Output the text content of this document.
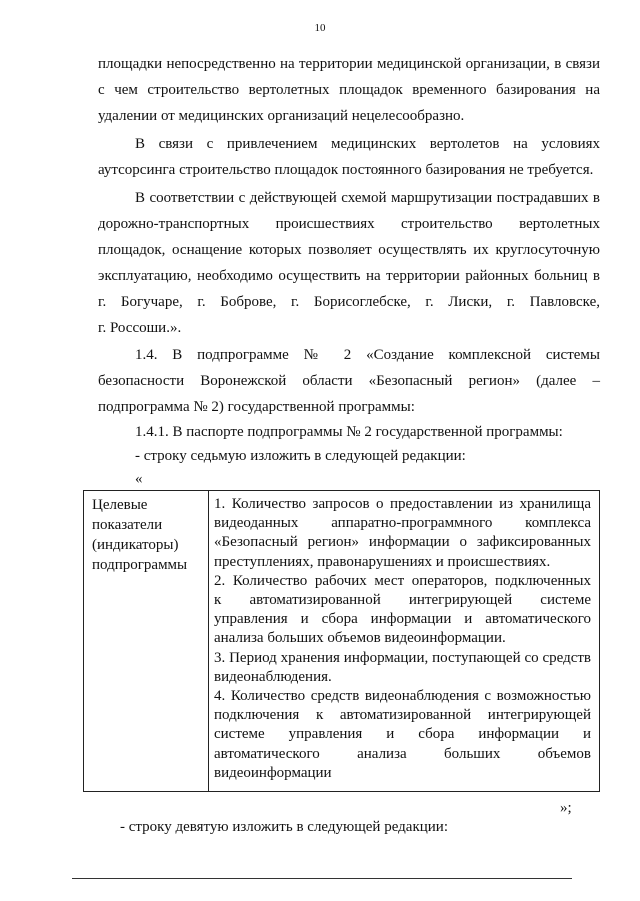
10

площадки непосредственно на территории медицинской организации, в связи

с чем строительство вертолетных площадок временного базирования на

удалении от медицинских организаций нецелесообразно.

В связи с привлечением медицинских вертолетов на условиях

аутсорсинга строительство площадок постоянного базирования не требуется.

В соответствии с действующей схемой маршрутизации пострадавших в

дорожно-транспортных происшествиях строительство вертолетных

площадок, оснащение которых позволяет осуществлять их круглосуточную

эксплуатацию, необходимо осуществить на территории районных больниц в

г. Богучаре, г. Боброве, г. Борисоглебске, г. Лиски, г. Павловске,

г. Россоши.».

1.4. В подпрограмме № 2 «Создание комплексной системы

безопасности Воронежской области «Безопасный регион» (далее –

подпрограмма № 2) государственной программы:

1.4.1. В паспорте подпрограммы № 2 государственной программы:

- строку седьмую изложить в следующей редакции:

«

Целевые
показатели
(индикаторы)
подпрограммы

1. Количество запросов о предоставлении из хранилища

видеоданных аппаратно-программного комплекса

«Безопасный регион» информации о зафиксированных

преступлениях, правонарушениях и происшествиях.

2. Количество рабочих мест операторов, подключенных

к автоматизированной интегрирующей системе

управления и сбора информации и автоматического

анализа больших объемов видеоинформации.

3. Период хранения информации, поступающей со средств

видеонаблюдения.

4. Количество средств видеонаблюдения с возможностью

подключения к автоматизированной интегрирующей

системе управления и сбора информации и

автоматического анализа больших объемов

видеоинформации

»;

- строку девятую изложить в следующей редакции:
